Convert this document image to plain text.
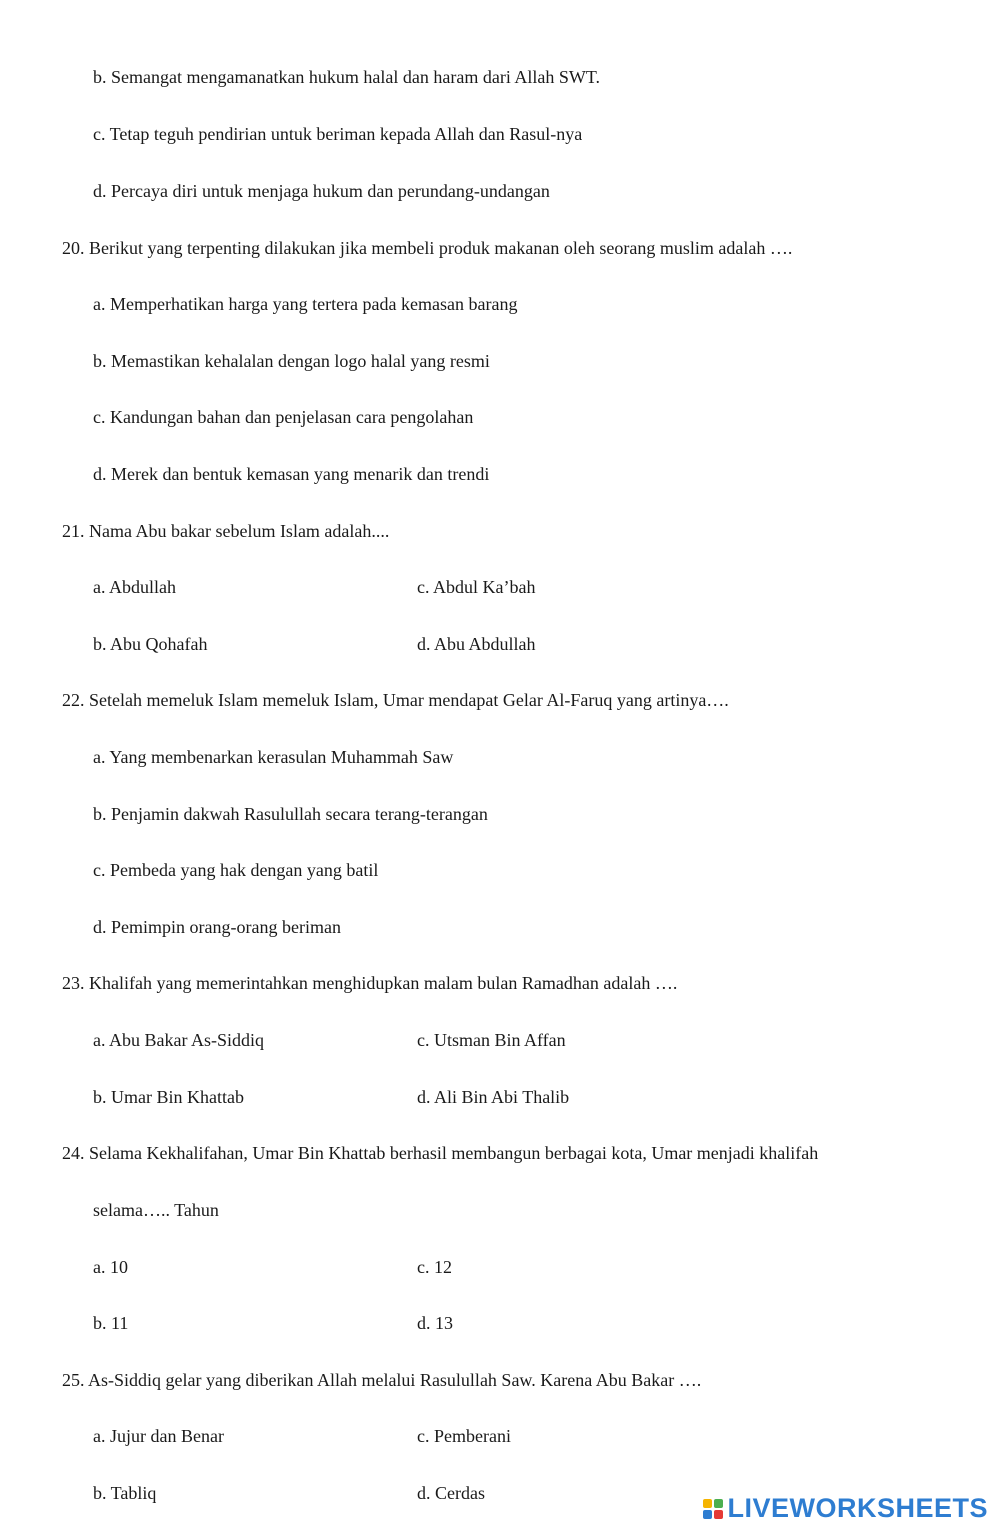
b. Semangat mengamanatkan hukum halal dan haram dari Allah SWT.
c. Tetap teguh pendirian untuk beriman kepada Allah dan Rasul-nya
d. Percaya diri untuk menjaga hukum dan perundang-undangan
20. Berikut yang terpenting dilakukan jika membeli produk makanan oleh seorang muslim adalah ….
a. Memperhatikan harga yang tertera pada kemasan barang
b. Memastikan kehalalan dengan logo halal yang resmi
c. Kandungan bahan dan penjelasan cara pengolahan
d. Merek dan bentuk kemasan yang menarik dan trendi
21. Nama Abu bakar sebelum Islam adalah....
a. Abdullah	c. Abdul Ka’bah
b. Abu Qohafah	d. Abu Abdullah
22. Setelah memeluk Islam memeluk Islam, Umar mendapat Gelar Al-Faruq yang artinya….
a. Yang membenarkan kerasulan Muhammah Saw
b. Penjamin dakwah Rasulullah secara terang-terangan
c. Pembeda yang hak dengan yang batil
d. Pemimpin orang-orang beriman
23. Khalifah yang memerintahkan menghidupkan malam bulan Ramadhan adalah ….
a. Abu Bakar As-Siddiq	c. Utsman Bin Affan
b. Umar Bin Khattab	d. Ali Bin Abi Thalib
24. Selama Kekhalifahan, Umar Bin Khattab berhasil membangun berbagai kota, Umar menjadi khalifah
selama….. Tahun
a. 10	c. 12
b. 11	d. 13
25. As-Siddiq gelar yang diberikan Allah melalui Rasulullah Saw. Karena Abu Bakar ….
a. Jujur dan Benar	c. Pemberani
b. Tabliq	d. Cerdas	LIVEWORKSHEETS
